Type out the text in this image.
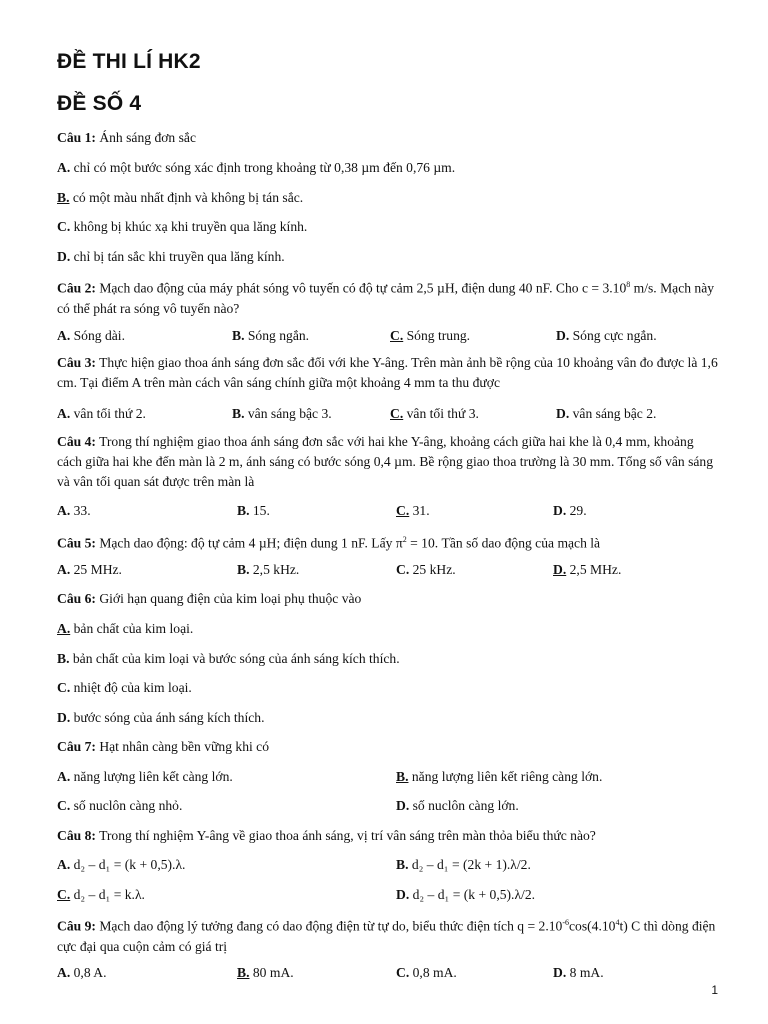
ĐỀ THI LÍ HK2
ĐỀ SỐ 4
Câu 1: Ánh sáng đơn sắc
A. chỉ có một bước sóng xác định trong khoảng từ 0,38 µm đến 0,76 µm.
B. có một màu nhất định và không bị tán sắc.
C. không bị khúc xạ khi truyền qua lăng kính.
D. chỉ bị tán sắc khi truyền qua lăng kính.
Câu 2: Mạch dao động của máy phát sóng vô tuyến có độ tự cảm 2,5 µH, điện dung 40 nF. Cho $c = 3.10^8$ m/s. Mạch này có thể phát ra sóng vô tuyến nào?
A. Sóng dài.	B. Sóng ngắn.	C. Sóng trung.	D. Sóng cực ngắn.
Câu 3: Thực hiện giao thoa ánh sáng đơn sắc đối với khe Y-âng. Trên màn ảnh bề rộng của 10 khoảng vân đo được là 1,6 cm. Tại điểm A trên màn cách vân sáng chính giữa một khoảng 4 mm ta thu được
A. vân tối thứ 2.	B. vân sáng bậc 3.	C. vân tối thứ 3.	D. vân sáng bậc 2.
Câu 4: Trong thí nghiệm giao thoa ánh sáng đơn sắc với hai khe Y-âng, khoảng cách giữa hai khe là 0,4 mm, khoảng cách giữa hai khe đến màn là 2 m, ánh sáng có bước sóng 0,4 µm. Bề rộng giao thoa trường là 30 mm. Tổng số vân sáng và vân tối quan sát được trên màn là
A. 33.	B. 15.	C. 31.	D. 29.
Câu 5: Mạch dao động: độ tự cảm 4 µH; điện dung 1 nF. Lấy $\pi^2 = 10$. Tần số dao động của mạch là
A. 25 MHz.	B. 2,5 kHz.	C. 25 kHz.	D. 2,5 MHz.
Câu 6: Giới hạn quang điện của kim loại phụ thuộc vào
A. bản chất của kim loại.
B. bản chất của kim loại và bước sóng của ánh sáng kích thích.
C. nhiệt độ của kim loại.
D. bước sóng của ánh sáng kích thích.
Câu 7: Hạt nhân càng bền vững khi có
A. năng lượng liên kết càng lớn.	B. năng lượng liên kết riêng càng lớn.
C. số nuclôn càng nhỏ.	D. số nuclôn càng lớn.
Câu 8: Trong thí nghiệm Y-âng về giao thoa ánh sáng, vị trí vân sáng trên màn thỏa biểu thức nào?
A. d₂ – d₁ = (k + 0,5).λ.	B. d₂ – d₁ = (2k + 1).λ/2.
C. d₂ – d₁ = k.λ.	D. d₂ – d₁ = (k + 0,5).λ/2.
Câu 9: Mạch dao động lý tưởng đang có dao động điện từ tự do, biểu thức điện tích $q = 2.10^{-6}\cos(4.10^4t)$ C thì dòng điện cực đại qua cuộn cảm có giá trị
A. 0,8 A.	B. 80 mA.	C. 0,8 mA.	D. 8 mA.
1
